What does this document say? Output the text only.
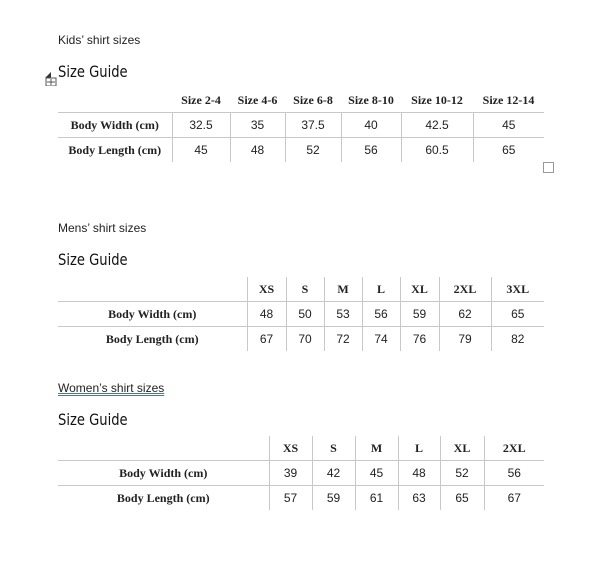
Kids’ shirt sizes
Size Guide
	Size 2-4	Size 4-6	Size 6-8	Size 8-10	Size 10-12	Size 12-14
Body Width (cm)	32.5	35	37.5	40	42.5	45
Body Length (cm)	45	48	52	56	60.5	65
Mens’ shirt sizes
Size Guide
	XS	S	M	L	XL	2XL	3XL
Body Width (cm)	48	50	53	56	59	62	65
Body Length (cm)	67	70	72	74	76	79	82
Women’s shirt sizes
Size Guide
	XS	S	M	L	XL	2XL
Body Width (cm)	39	42	45	48	52	56
Body Length (cm)	57	59	61	63	65	67
